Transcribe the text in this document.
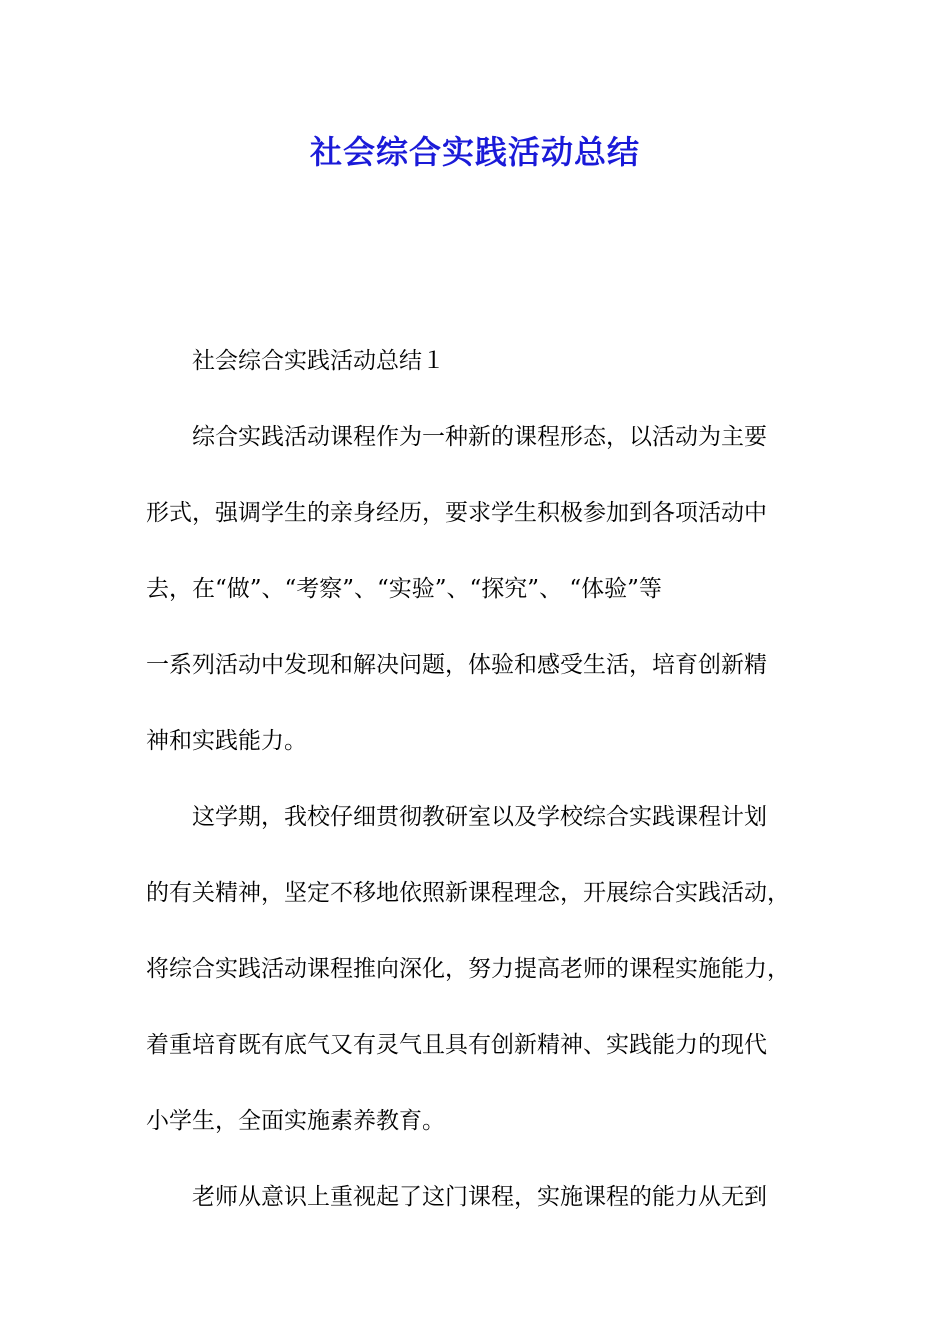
社会综合实践活动总结
社会综合实践活动总结１
综合实践活动课程作为一种新的课程形态，以活动为主要
形式，强调学生的亲身经历，要求学生积极参加到各项活动中
去，在“做”、“考察”、“实验”、“探究”、 “体验”等
一系列活动中发现和解决问题，体验和感受生活，培育创新精
神和实践能力。
这学期，我校仔细贯彻教研室以及学校综合实践课程计划
的有关精神，坚定不移地依照新课程理念，开展综合实践活动，
将综合实践活动课程推向深化，努力提高老师的课程实施能力，
着重培育既有底气又有灵气且具有创新精神、实践能力的现代
小学生，全面实施素养教育。
老师从意识上重视起了这门课程，实施课程的能力从无到
